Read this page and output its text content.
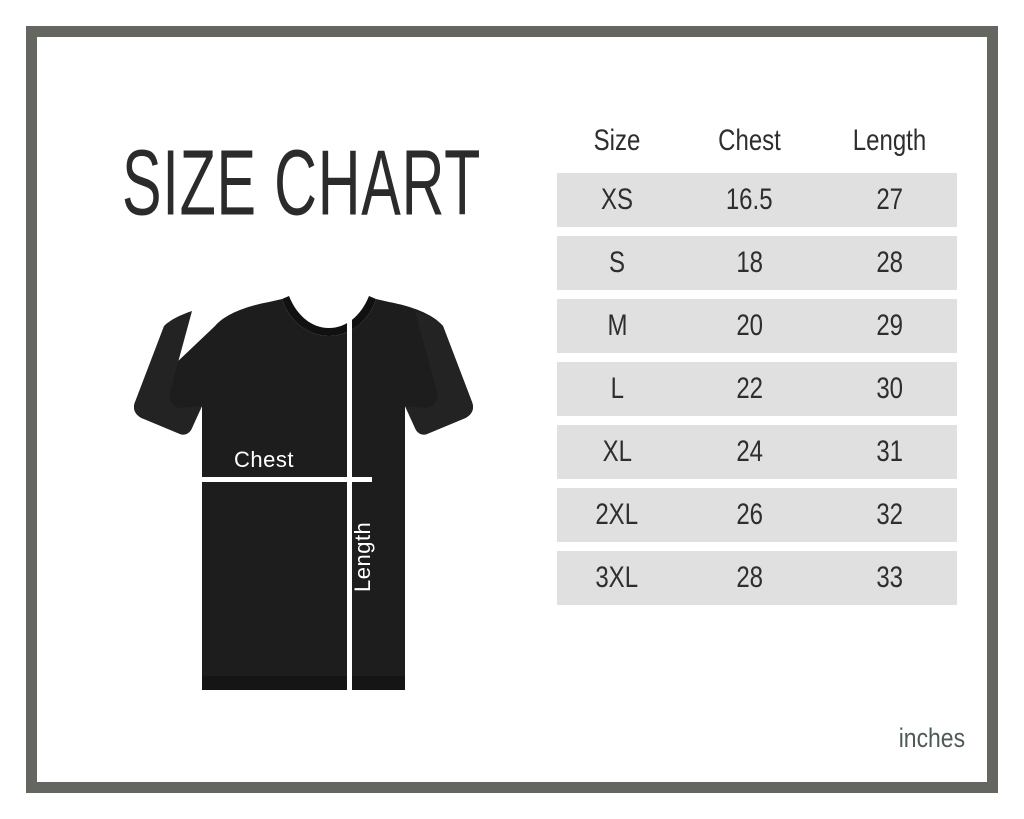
SIZE CHART
Chest
Length
Size	Chest	Length
XS	16.5	27
S	18	28
M	20	29
L	22	30
XL	24	31
2XL	26	32
3XL	28	33
inches
